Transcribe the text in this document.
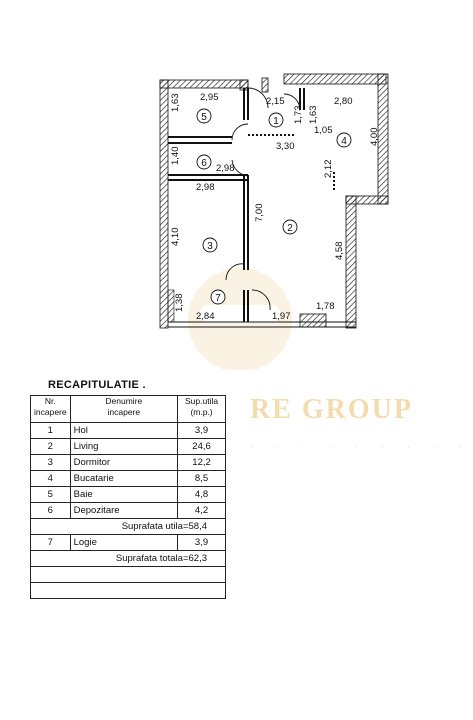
RE GROUP
· · · · · · · · ·
1
2
3
4
5
6
7
2,95
1,63	2,15
1,73
2,80
1,63
1,05	4,00
3,30
1,40
2,98	2,12
2,98
7,00
4,10
4,58
1,38
2,84	1,97
1,78
RECAPITULATIE .
Nr.
incapere	Denumire
incapere	Sup.utila
(m.p.)
1	Hol	3,9
2	Living	24,6
3	Dormitor	12,2
4	Bucatarie	8,5
5	Baie	4,8
6	Depozitare	4,2
Suprafata utila=58,4		
7	Logie	3,9
Suprafata totala=62,3		
